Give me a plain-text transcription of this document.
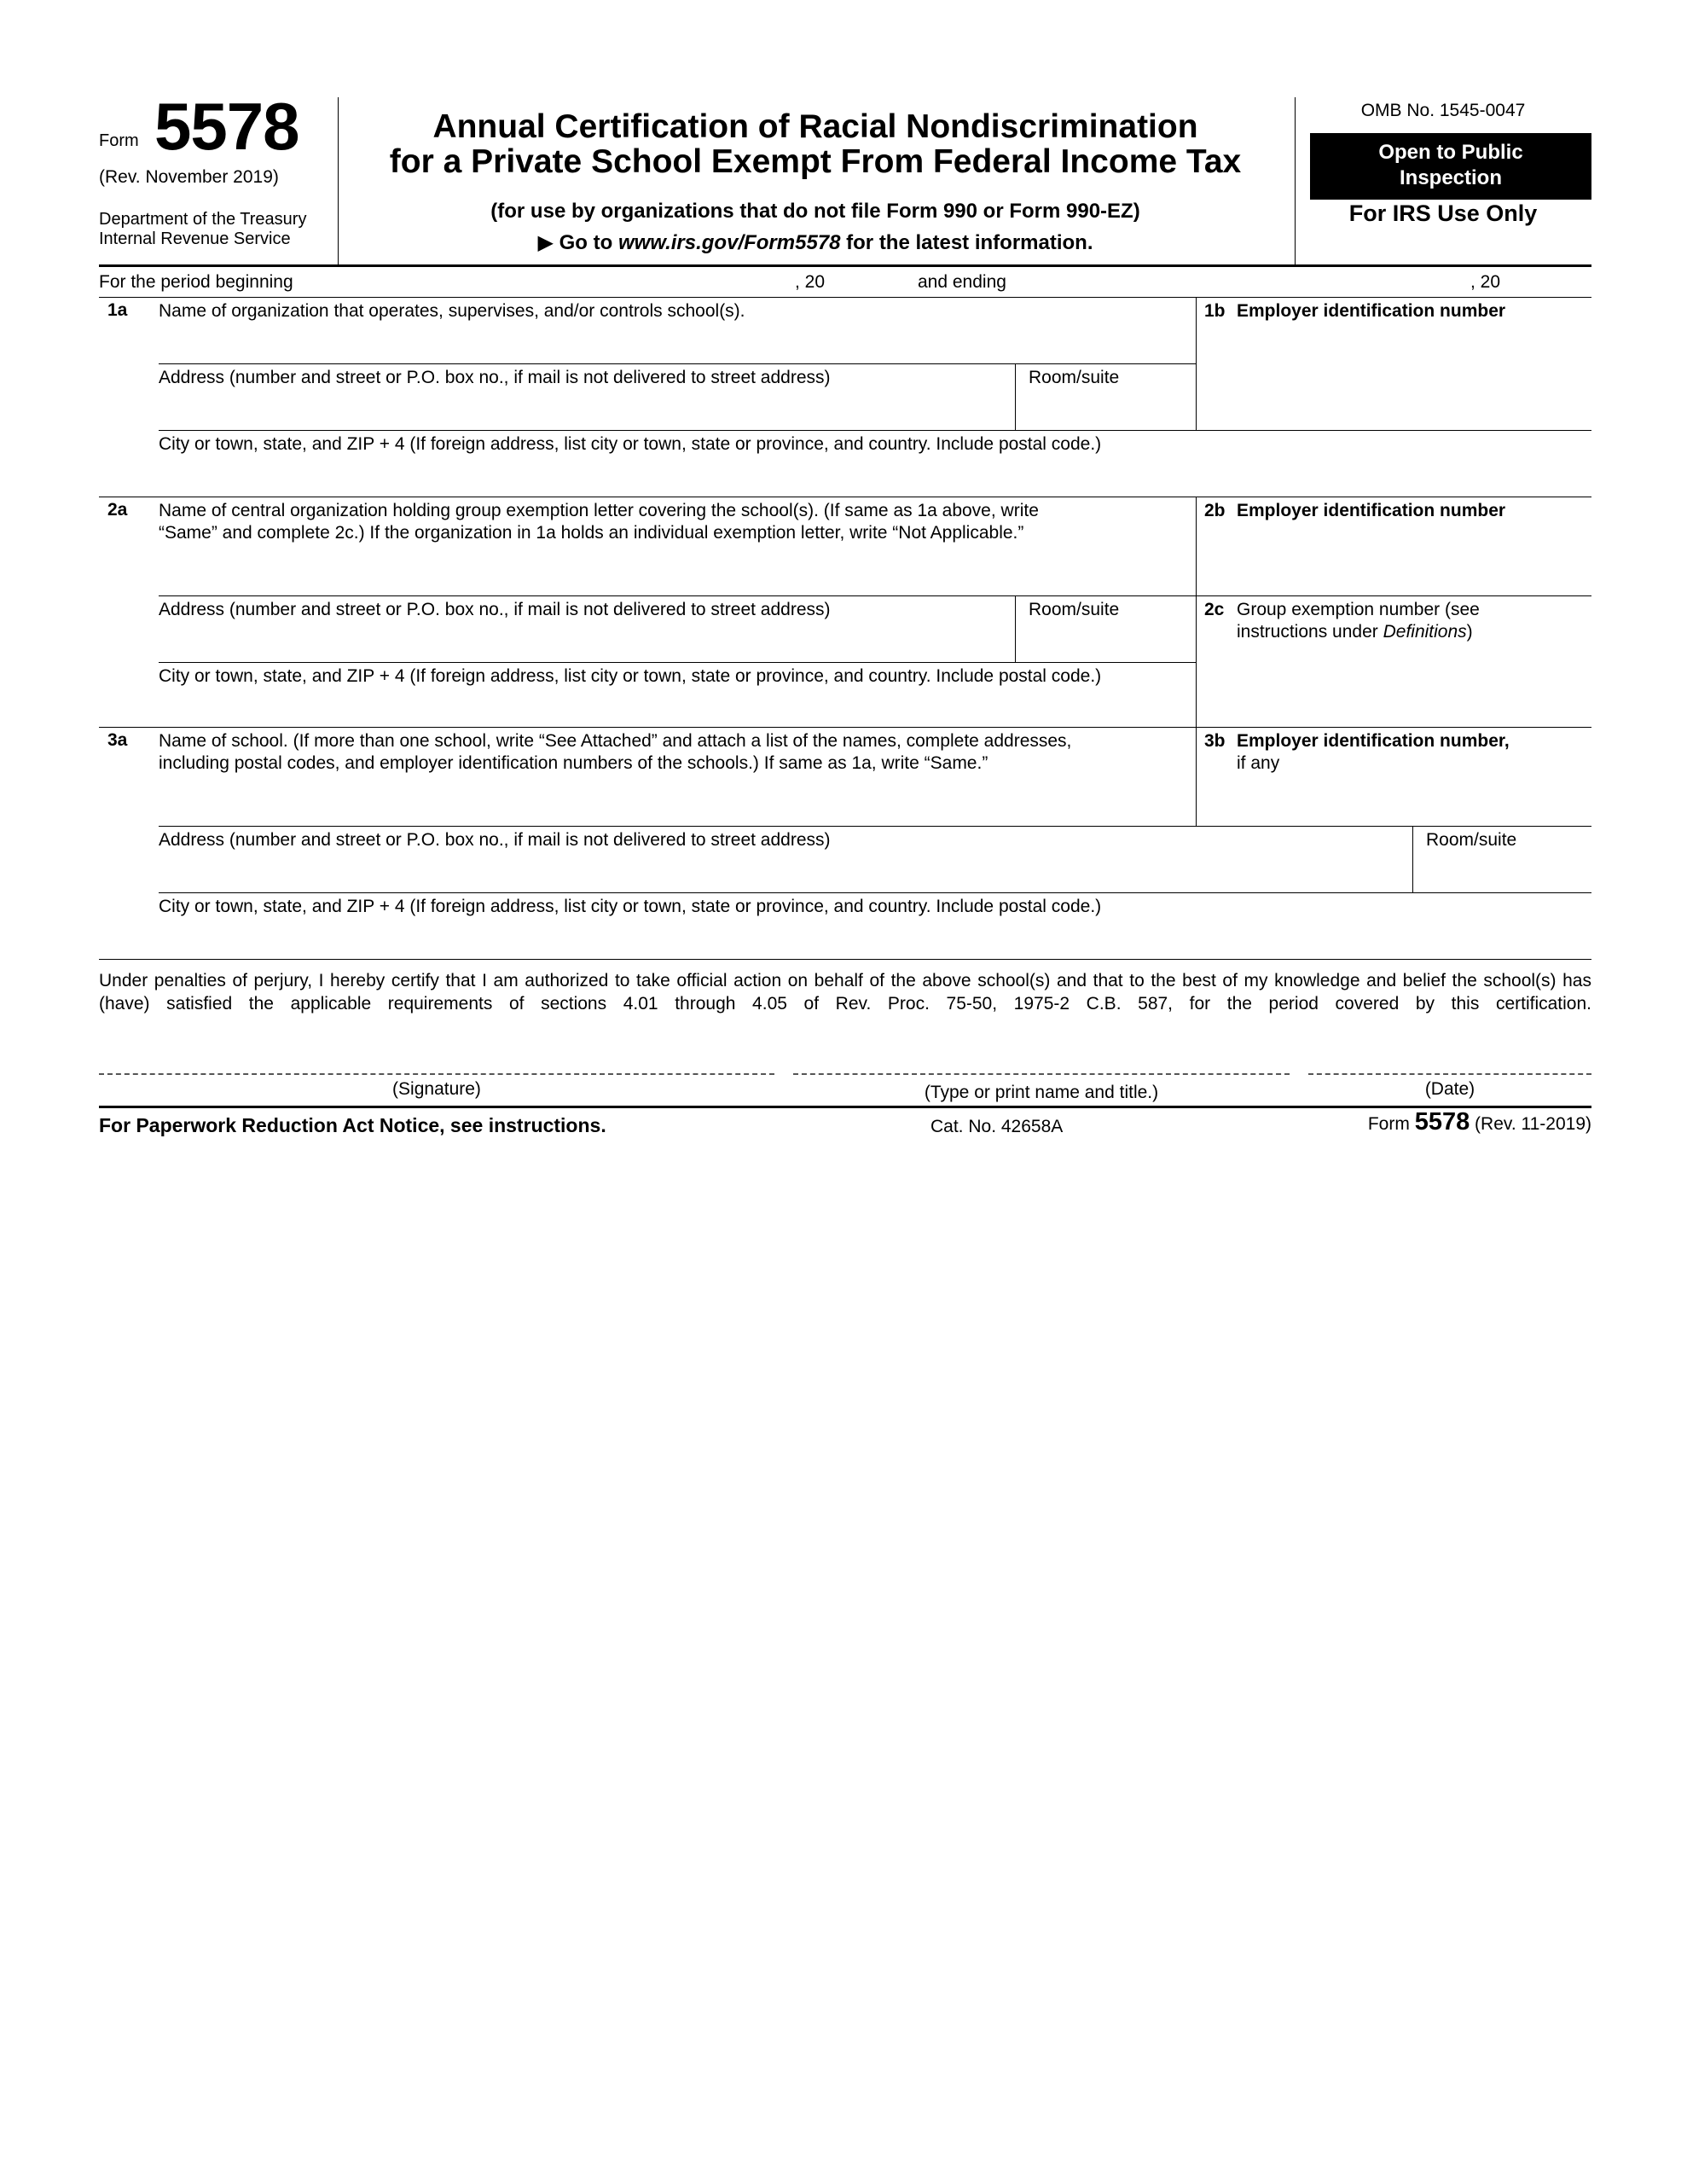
Form 5578
(Rev. November 2019)
Department of the Treasury
Internal Revenue Service
Annual Certification of Racial Nondiscrimination
for a Private School Exempt From Federal Income Tax
(for use by organizations that do not file Form 990 or Form 990-EZ)
▶ Go to www.irs.gov/Form5578 for the latest information.
OMB No. 1545-0047
Open to Public
Inspection
For IRS Use Only
For the period beginning	, 20	and ending	, 20
1a Name of organization that operates, supervises, and/or controls school(s).	1b Employer identification number
Address (number and street or P.O. box no., if mail is not delivered to street address)	Room/suite
City or town, state, and ZIP + 4 (If foreign address, list city or town, state or province, and country. Include postal code.)
2a Name of central organization holding group exemption letter covering the school(s). (If same as 1a above, write
“Same” and complete 2c.) If the organization in 1a holds an individual exemption letter, write “Not Applicable.”
2b Employer identification number
Address (number and street or P.O. box no., if mail is not delivered to street address)	Room/suite	2c Group exemption number (see
instructions under Definitions)
City or town, state, and ZIP + 4 (If foreign address, list city or town, state or province, and country. Include postal code.)
3a Name of school. (If more than one school, write “See Attached” and attach a list of the names, complete addresses,
including postal codes, and employer identification numbers of the schools.) If same as 1a, write “Same.”
3b Employer identification number,
if any
Address (number and street or P.O. box no., if mail is not delivered to street address)	Room/suite
City or town, state, and ZIP + 4 (If foreign address, list city or town, state or province, and country. Include postal code.)
Under penalties of perjury, I hereby certify that I am authorized to take official action on behalf of the above school(s) and that to the best of my knowledge and belief the school(s) has (have) satisfied the applicable requirements of sections 4.01 through 4.05 of Rev. Proc. 75-50, 1975-2 C.B. 587, for the period covered by this certification.
(Signature)	(Type or print name and title.)	(Date)
For Paperwork Reduction Act Notice, see instructions.	Cat. No. 42658A	Form 5578 (Rev. 11-2019)
